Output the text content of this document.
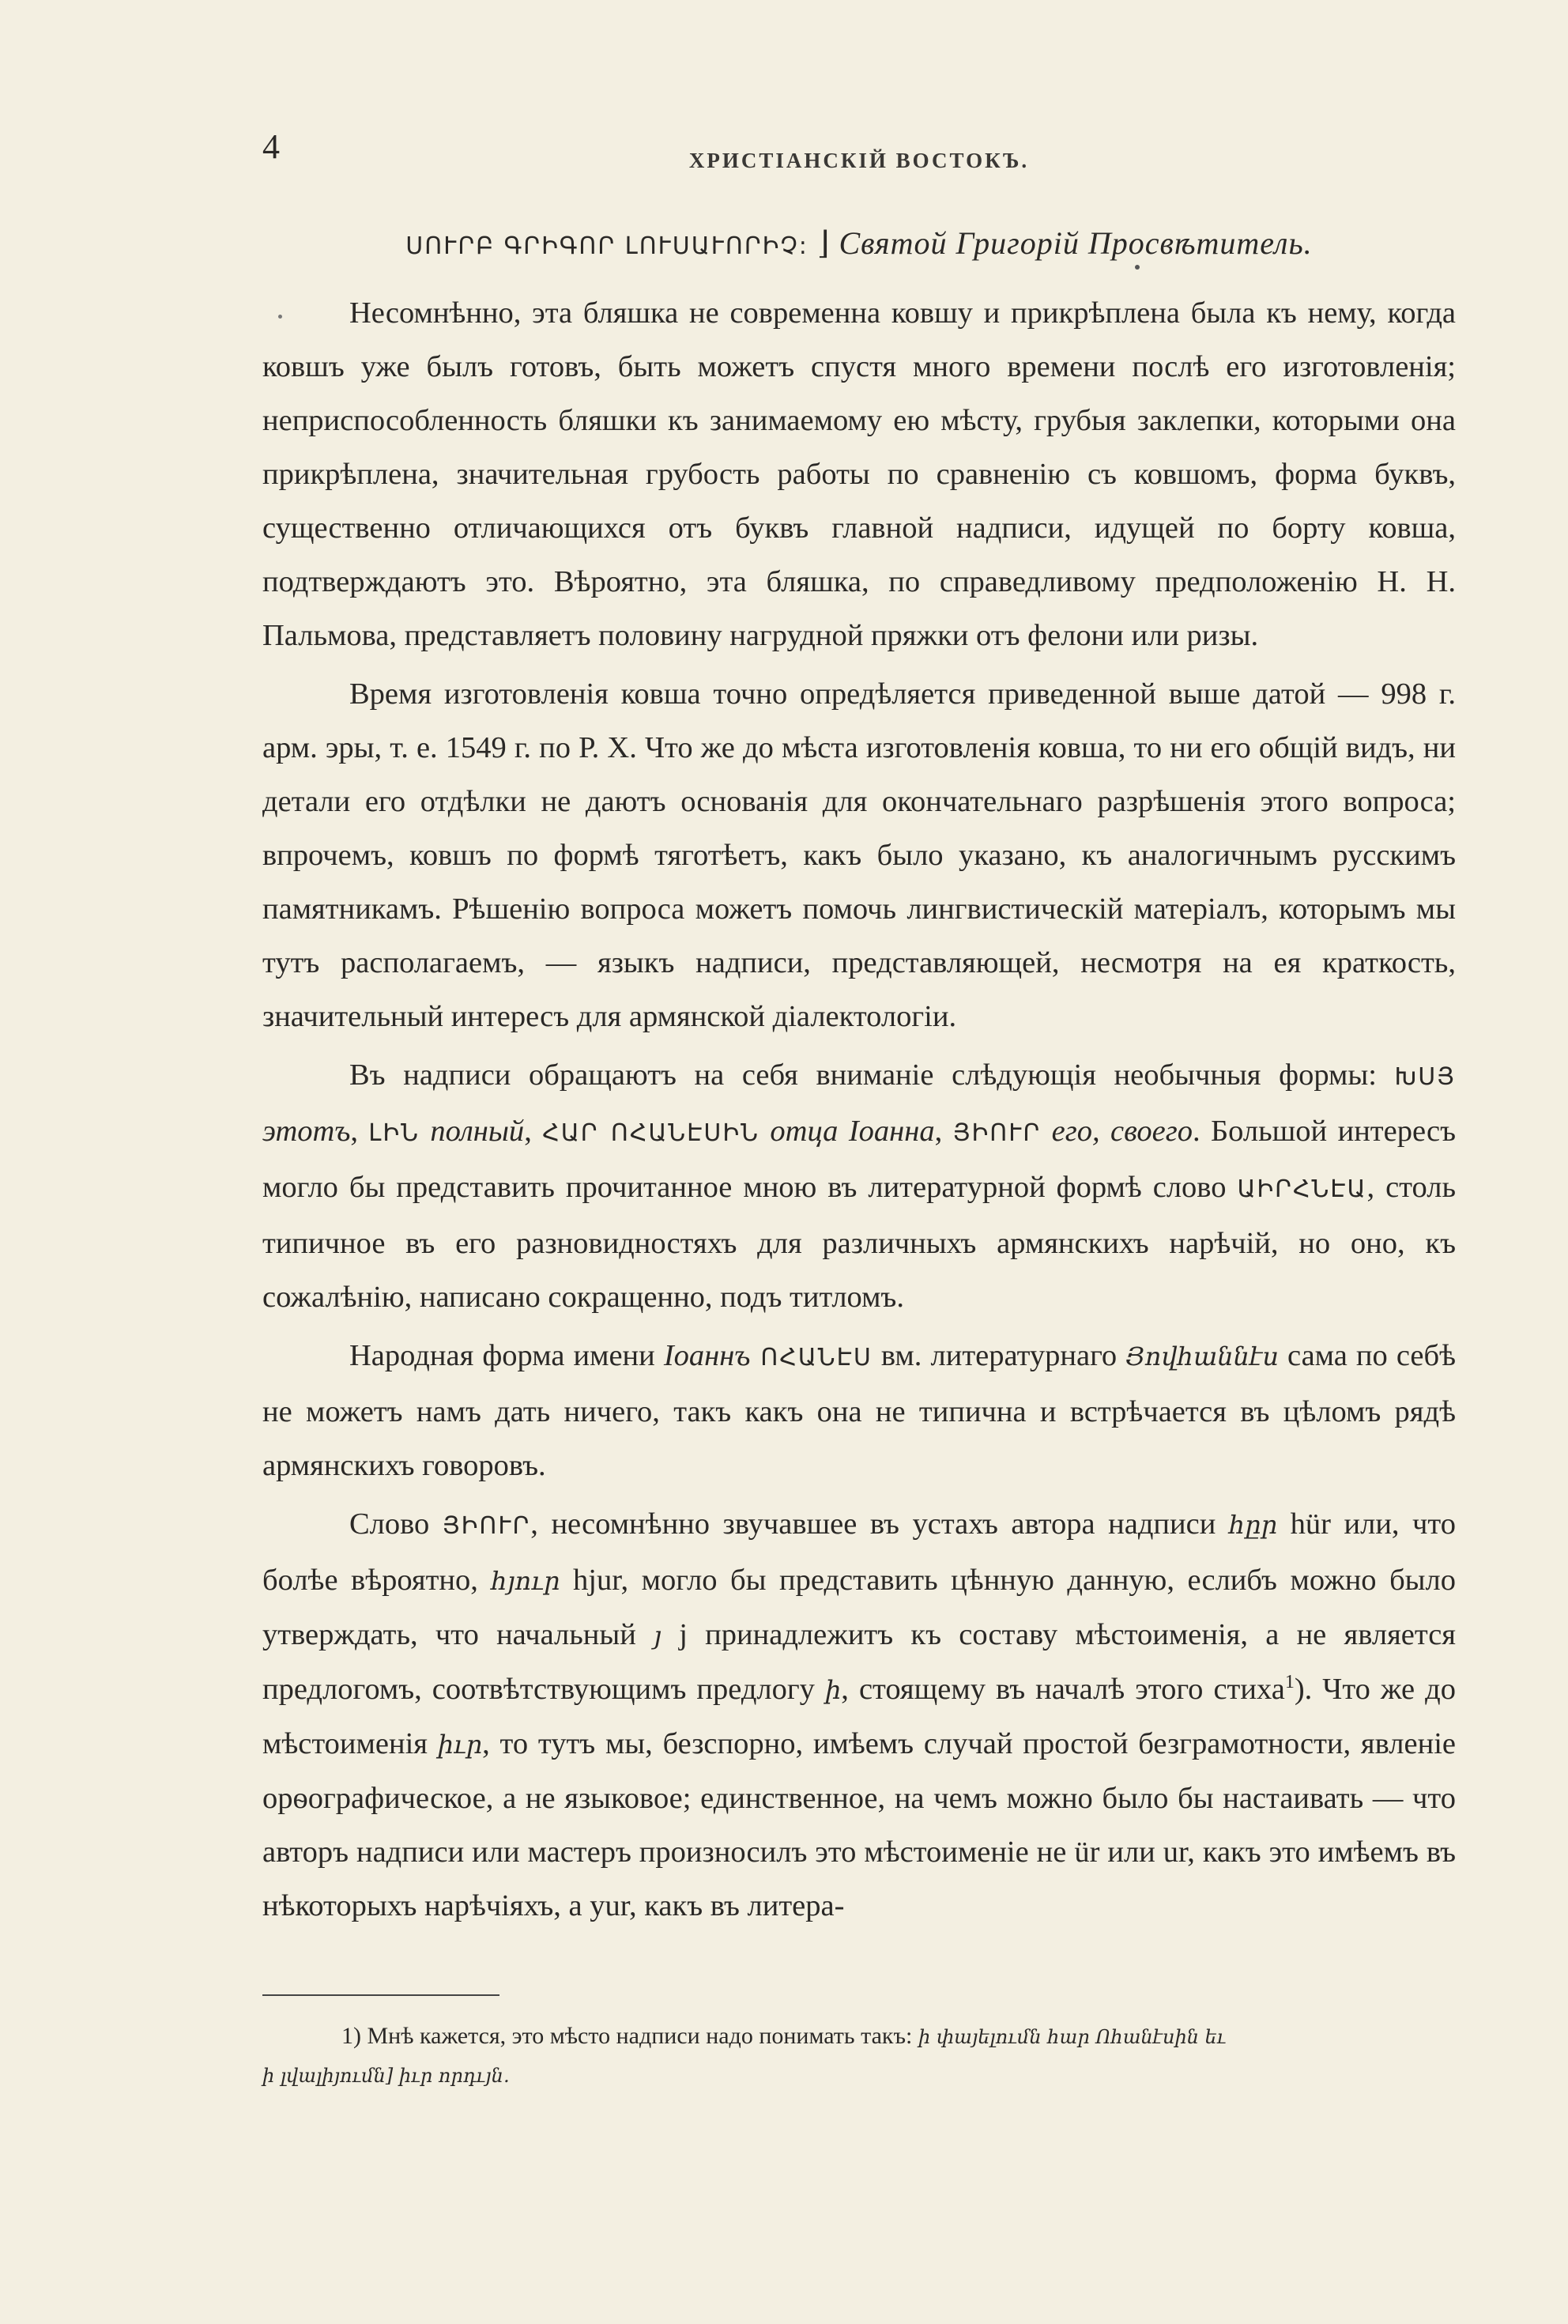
4	ХРИСТІАНСКІЙ ВОСТОКЪ.
ՍՈՒՐԲ ԳՐԻԳՈՐ ԼՈՒՍԱՒՈՐԻՉ: ⌋ Святой Григорій Просвѣтитель.

Несомнѣнно, эта бляшка не современна ковшу и прикрѣплена была къ нему, когда ковшъ уже былъ готовъ, быть можетъ спустя много времени послѣ его изготовленія; неприспособленность бляшки къ занимаемому ею мѣсту, грубыя заклепки, которыми она прикрѣплена, значительная грубость работы по сравненію съ ковшомъ, форма буквъ, существенно отличающихся отъ буквъ главной надписи, идущей по борту ковша, подтверждаютъ это. Вѣроятно, эта бляшка, по справедливому предположенію Н. Н. Пальмова, представляетъ половину нагрудной пряжки отъ фелони или ризы.

Время изготовленія ковша точно опредѣляется приведенной выше датой — 998 г. арм. эры, т. е. 1549 г. по Р. Х. Что же до мѣста изготовленія ковша, то ни его общій видъ, ни детали его отдѣлки не даютъ основанія для окончательнаго разрѣшенія этого вопроса; впрочемъ, ковшъ по формѣ тяготѣетъ, какъ было указано, къ аналогичнымъ русскимъ памятникамъ. Рѣшенію вопроса можетъ помочь лингвистическій матеріалъ, которымъ мы тутъ располагаемъ, — языкъ надписи, представляющей, несмотря на ея краткость, значительный интересъ для армянской діалектологіи.

Въ надписи обращаютъ на себя вниманіе слѣдующія необычныя формы: ԽՍՅ этотъ, ԼԻՆ полный, ՀԱՐ ՈՀԱՆԷՍԻՆ отца Іоанна, ՅԻՈՒՐ его, своего. Большой интересъ могло бы представить прочитанное мною въ литературной формѣ слово ԱԻՐՀՆԷԱ, столь типичное въ его разновидностяхъ для различныхъ армянскихъ нарѣчій, но оно, къ сожалѣнію, написано сокращенно, подъ титломъ.

Народная форма имени Іоаннъ ՈՀԱՆԷՍ вм. литературнаго Յովհաննէս сама по себѣ не можетъ намъ дать ничего, такъ какъ она не типична и встрѣчается въ цѣломъ рядѣ армянскихъ говоровъ.

Слово ՅԻՈՒՐ, несомнѣнно звучавшее въ устахъ автора надписи հըր hür или, что болѣе вѣроятно, հյուր hjur, могло бы представить цѣнную данную, еслибъ можно было утверждать, что начальный յ j принадлежитъ къ составу мѣстоименія, а не является предлогомъ, соотвѣтствующимъ предлогу ի, стоящему въ началѣ этого стиха$^1$). Что же до мѣстоименія իւր, то тутъ мы, безспорно, имѣемъ случай простой безграмотности, явленіе орѳографическое, а не языковое; единственное, на чемъ можно было бы настаивать — что авторъ надписи или мастеръ произносилъ это мѣстоименіе не ür или ur, какъ это имѣемъ въ нѣкоторыхъ нарѣчіяхъ, а yur, какъ въ литера-

1) Мнѣ кажется, это мѣсто надписи надо понимать такъ: ի փայելումն հար Ոհանէսին եւ
ի լվալիյումն] իւր որդւյն․
